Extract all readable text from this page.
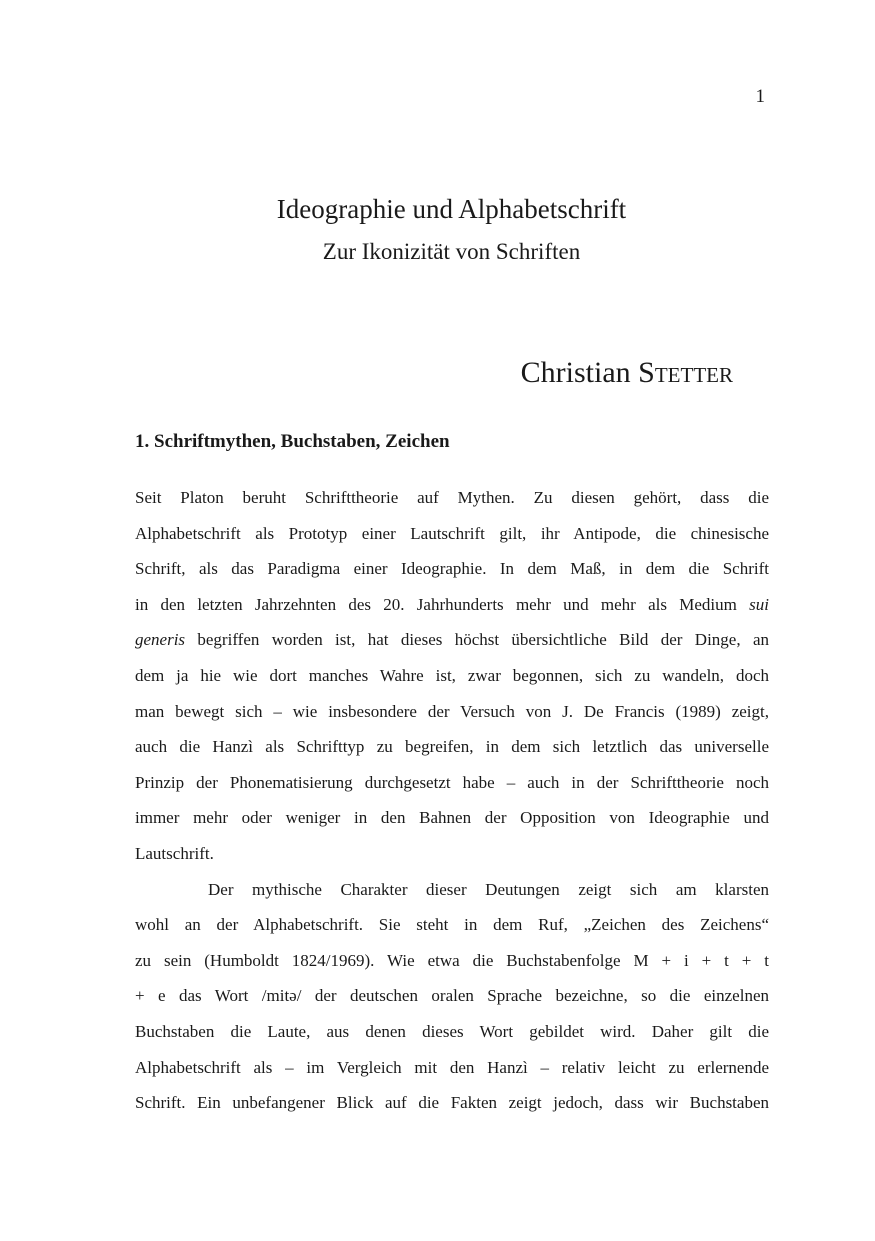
1
Ideographie und Alphabetschrift
Zur Ikonizität von Schriften
Christian Stetter
1. Schriftmythen, Buchstaben, Zeichen
Seit Platon beruht Schrifttheorie auf Mythen. Zu diesen gehört, dass die
Alphabetschrift als Prototyp einer Lautschrift gilt, ihr Antipode, die chinesische
Schrift, als das Paradigma einer Ideographie. In dem Maß, in dem die Schrift
in den letzten Jahrzehnten des 20. Jahrhunderts mehr und mehr als Medium sui
generis begriffen worden ist, hat dieses höchst übersichtliche Bild der Dinge, an
dem ja hie wie dort manches Wahre ist, zwar begonnen, sich zu wandeln, doch
man bewegt sich – wie insbesondere der Versuch von J. De Francis (1989) zeigt,
auch die Hanzì als Schrifttyp zu begreifen, in dem sich letztlich das universelle
Prinzip der Phonematisierung durchgesetzt habe – auch in der Schrifttheorie noch
immer mehr oder weniger in den Bahnen der Opposition von Ideographie und
Lautschrift.
Der mythische Charakter dieser Deutungen zeigt sich am klarsten
wohl an der Alphabetschrift. Sie steht in dem Ruf, „Zeichen des Zeichens“
zu sein (Humboldt 1824/1969). Wie etwa die Buchstabenfolge M + i + t + t
+ e das Wort /mitə/ der deutschen oralen Sprache bezeichne, so die einzelnen
Buchstaben die Laute, aus denen dieses Wort gebildet wird. Daher gilt die
Alphabetschrift als – im Vergleich mit den Hanzì – relativ leicht zu erlernende
Schrift. Ein unbefangener Blick auf die Fakten zeigt jedoch, dass wir Buchstaben
